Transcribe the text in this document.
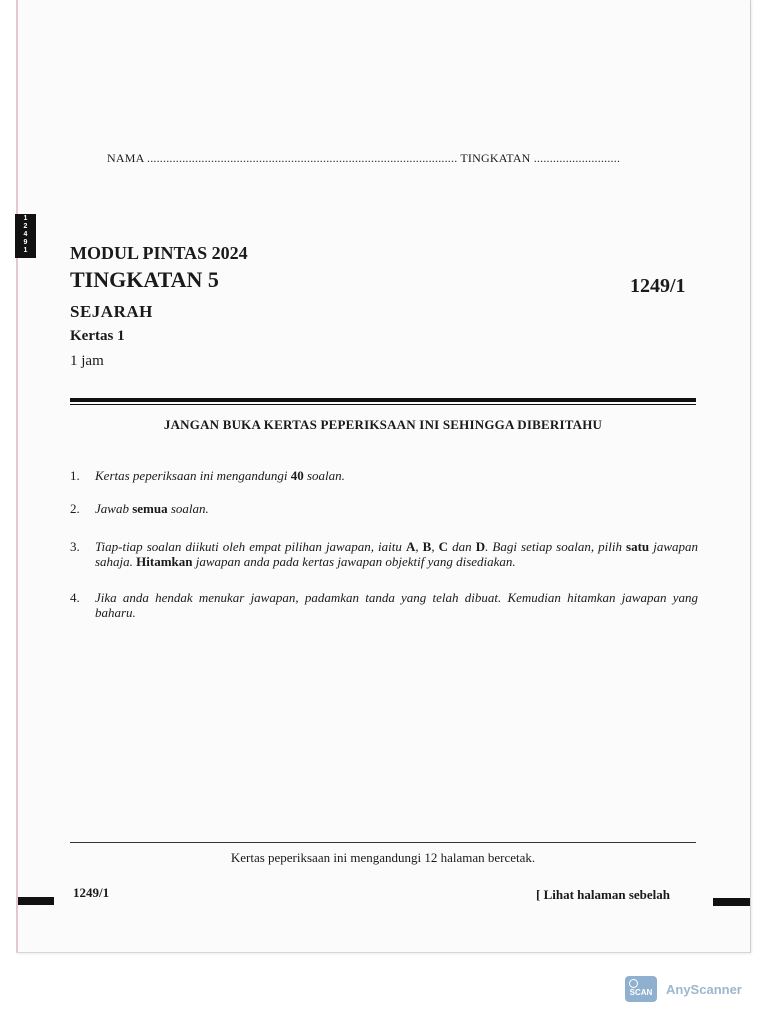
NAMA ................................................................................................. TINGKATAN ...........................
1
2
4
9
1	MODUL PINTAS 2024
TINGKATAN 5	1249/1
SEJARAH
Kertas 1
1 jam
JANGAN BUKA KERTAS PEPERIKSAAN INI SEHINGGA DIBERITAHU
1. Kertas peperiksaan ini mengandungi 40 soalan.
2. Jawab semua soalan.
3. Tiap-tiap soalan diikuti oleh empat pilihan jawapan, iaitu A, B, C dan D. Bagi setiap soalan, pilih satu jawapan sahaja. Hitamkan jawapan anda pada kertas jawapan objektif yang disediakan.
4. Jika anda hendak menukar jawapan, padamkan tanda yang telah dibuat. Kemudian hitamkan jawapan yang baharu.
Kertas peperiksaan ini mengandungi 12 halaman bercetak.
1249/1	[ Lihat halaman sebelah
SCAN	AnyScanner
